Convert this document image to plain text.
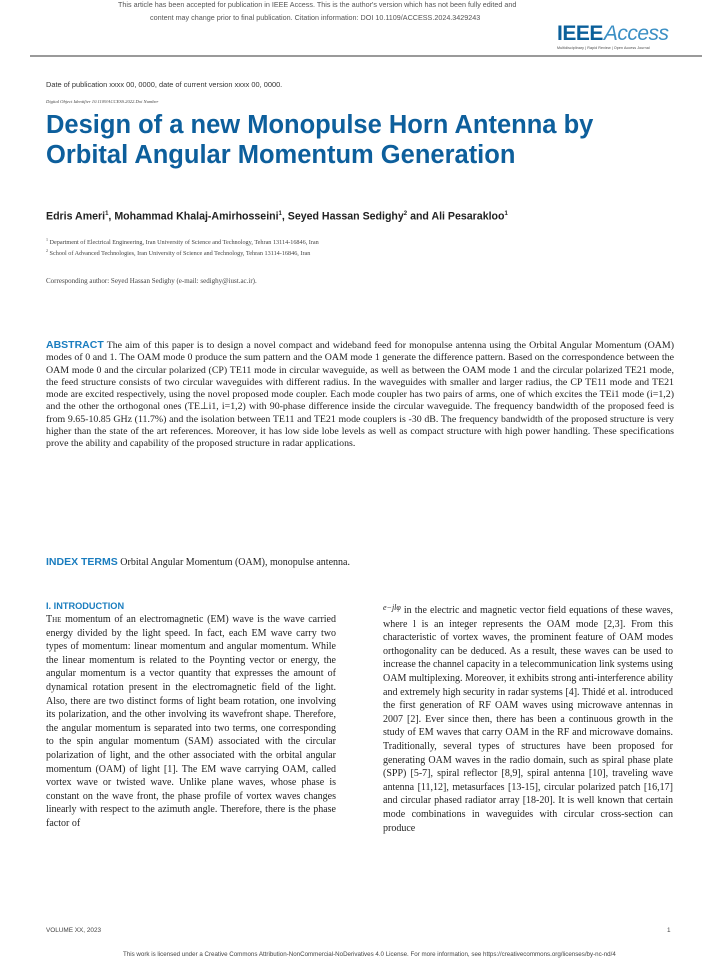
This article has been accepted for publication in IEEE Access. This is the author's version which has not been fully edited and
content may change prior to final publication. Citation information: DOI 10.1109/ACCESS.2024.3429243
IEEEAccess
Multidisciplinary | Rapid Review | Open Access Journal
Date of publication xxxx 00, 0000, date of current version xxxx 00, 0000.
Digital Object Identifier 10.1109/ACCESS.2022.Doi Number
Design of a new Monopulse Horn Antenna by Orbital Angular Momentum Generation
Edris Ameri$^1$, Mohammad Khalaj-Amirhosseini$^1$, Seyed Hassan Sedighy$^2$ and Ali Pesarakloo$^1$
$^1$ Department of Electrical Engineering, Iran University of Science and Technology, Tehran 13114-16846, Iran
$^2$ School of Advanced Technologies, Iran University of Science and Technology, Tehran 13114-16846, Iran
Corresponding author: Seyed Hassan Sedighy (e-mail: sedighy@iust.ac.ir).

ABSTRACT The aim of this paper is to design a novel compact and wideband feed for monopulse antenna using the Orbital Angular Momentum (OAM) modes of 0 and 1. The OAM mode 0 produce the sum pattern and the OAM mode 1 generate the difference pattern. Based on the correspondence between the OAM mode 0 and the circular polarized (CP) TE11 mode in circular waveguide, as well as between the OAM mode 1 and the circular polarized TE21 mode, the feed structure consists of two circular waveguides with different radius. In the waveguides with smaller and larger radius, the CP TE11 mode and TE21 mode are excited respectively, using the novel proposed mode coupler. Each mode coupler has two pairs of arms, one of which excites the TEi1 mode (i=1,2) and the other the orthogonal ones (TE⊥i1, i=1,2) with 90-phase difference inside the circular waveguide. The frequency bandwidth of the proposed feed is from 9.65-10.85 GHz (11.7%) and the isolation between TE11 and TE21 mode couplers is -30 dB. The frequency bandwidth of the proposed structure is very higher than the state of the art references. Moreover, it has low side lobe levels as well as compact structure with high power handling. These specifications prove the ability and capability of the proposed structure in radar applications.

INDEX TERMS Orbital Angular Momentum (OAM), monopulse antenna.
I. INTRODUCTION

The momentum of an electromagnetic (EM) wave is the wave carried energy divided by the light speed. In fact, each EM wave carry two types of momentum: linear momentum and angular momentum. While the linear momentum is related to the Poynting vector or energy, the angular momentum is a vector quantity that expresses the amount of dynamical rotation present in the electromagnetic field of the light. Also, there are two distinct forms of light beam rotation, one involving its polarization, and the other involving its wavefront shape. Therefore, the angular momentum is separated into two terms, one corresponding to the spin angular momentum (SAM) associated with the circular polarization of light, and the other associated with the orbital angular momentum (OAM) of light [1]. The EM wave carrying OAM, called vortex wave or twisted wave. Unlike plane waves, whose phase is constant on the wave front, the phase profile of vortex waves changes linearly with respect to the azimuth angle. Therefore, there is the phase factor of

$^{e-jl\varphi}$ in the electric and magnetic vector field equations of these waves, where l is an integer represents the OAM mode [2,3]. From this characteristic of vortex waves, the prominent feature of OAM modes orthogonality can be deduced. As a result, these waves can be used to increase the channel capacity in a telecommunication link systems using OAM multiplexing. Moreover, it exhibits strong anti-interference ability and extremely high security in radar systems [4]. Thidé et al. introduced the first generation of RF OAM waves using microwave antennas in 2007 [2]. Ever since then, there has been a continuous growth in the study of EM waves that carry OAM in the RF and microwave domains. Traditionally, several types of structures have been proposed for generating OAM waves in the radio domain, such as spiral phase plate (SPP) [5-7], spiral reflector [8,9], spiral antenna [10], traveling wave antenna [11,12], metasurfaces [13-15], circular polarized patch [16,17] and circular phased radiator array [18-20]. It is well known that certain mode combinations in waveguides with circular cross-section can produce

VOLUME XX, 2023	1
This work is licensed under a Creative Commons Attribution-NonCommercial-NoDerivatives 4.0 License. For more information, see https://creativecommons.org/licenses/by-nc-nd/4
